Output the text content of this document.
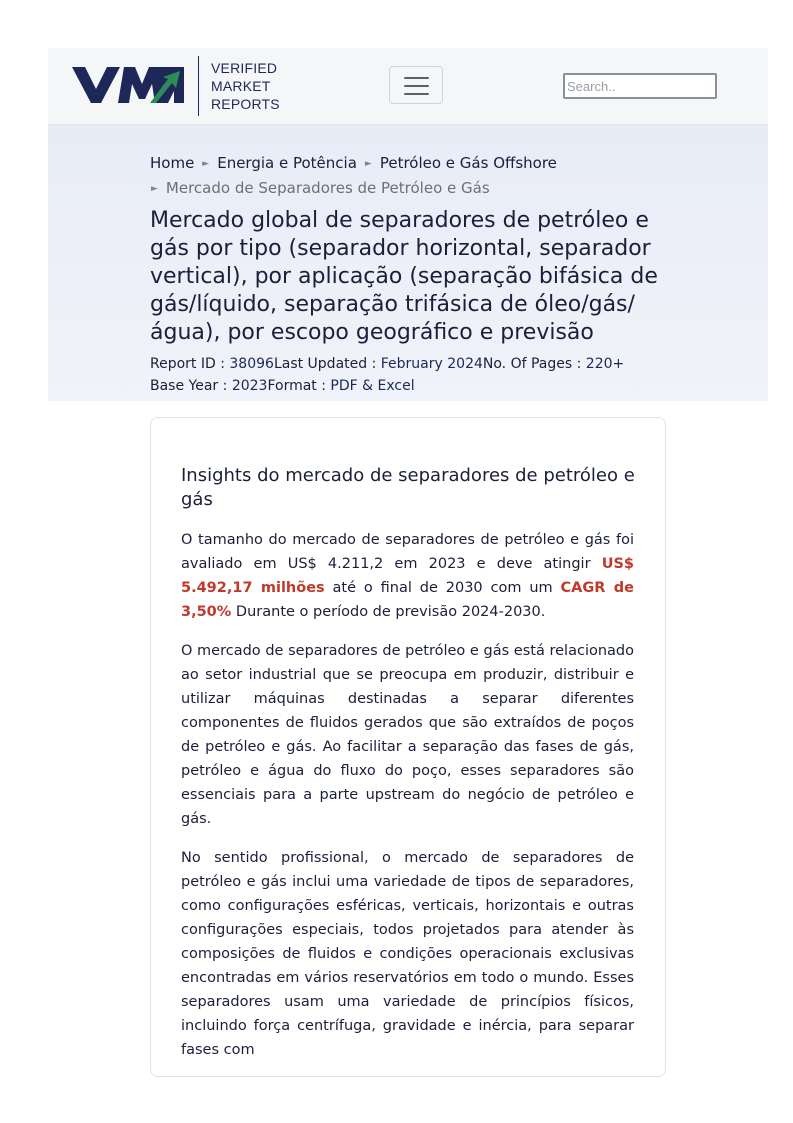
VERIFIED
MARKET
REPORTS
Search..
Home ► Energia e Potência ► Petróleo e Gás Offshore
► Mercado de Separadores de Petróleo e Gás
Mercado global de separadores de petróleo e gás por tipo (separador horizontal, separador vertical), por aplicação (separação bifásica de gás/líquido, separação trifásica de óleo/gás/água), por escopo geográfico e previsão
Report ID : 38096Last Updated : February 2024No. Of Pages : 220+
Base Year : 2023Format : PDF & Excel
Insights do mercado de separadores de petróleo e gás

O tamanho do mercado de separadores de petróleo e gás foi avaliado em US$ 4.211,2 em 2023 e deve atingir US$ 5.492,17 milhões até o final de 2030 com um CAGR de 3,50% Durante o período de previsão 2024-2030.

O mercado de separadores de petróleo e gás está relacionado ao setor industrial que se preocupa em produzir, distribuir e utilizar máquinas destinadas a separar diferentes componentes de fluidos gerados que são extraídos de poços de petróleo e gás. Ao facilitar a separação das fases de gás, petróleo e água do fluxo do poço, esses separadores são essenciais para a parte upstream do negócio de petróleo e gás.

No sentido profissional, o mercado de separadores de petróleo e gás inclui uma variedade de tipos de separadores, como configurações esféricas, verticais, horizontais e outras configurações especiais, todos projetados para atender às composições de fluidos e condições operacionais exclusivas encontradas em vários reservatórios em todo o mundo. Esses separadores usam uma variedade de princípios físicos, incluindo força centrífuga, gravidade e inércia, para separar fases com
